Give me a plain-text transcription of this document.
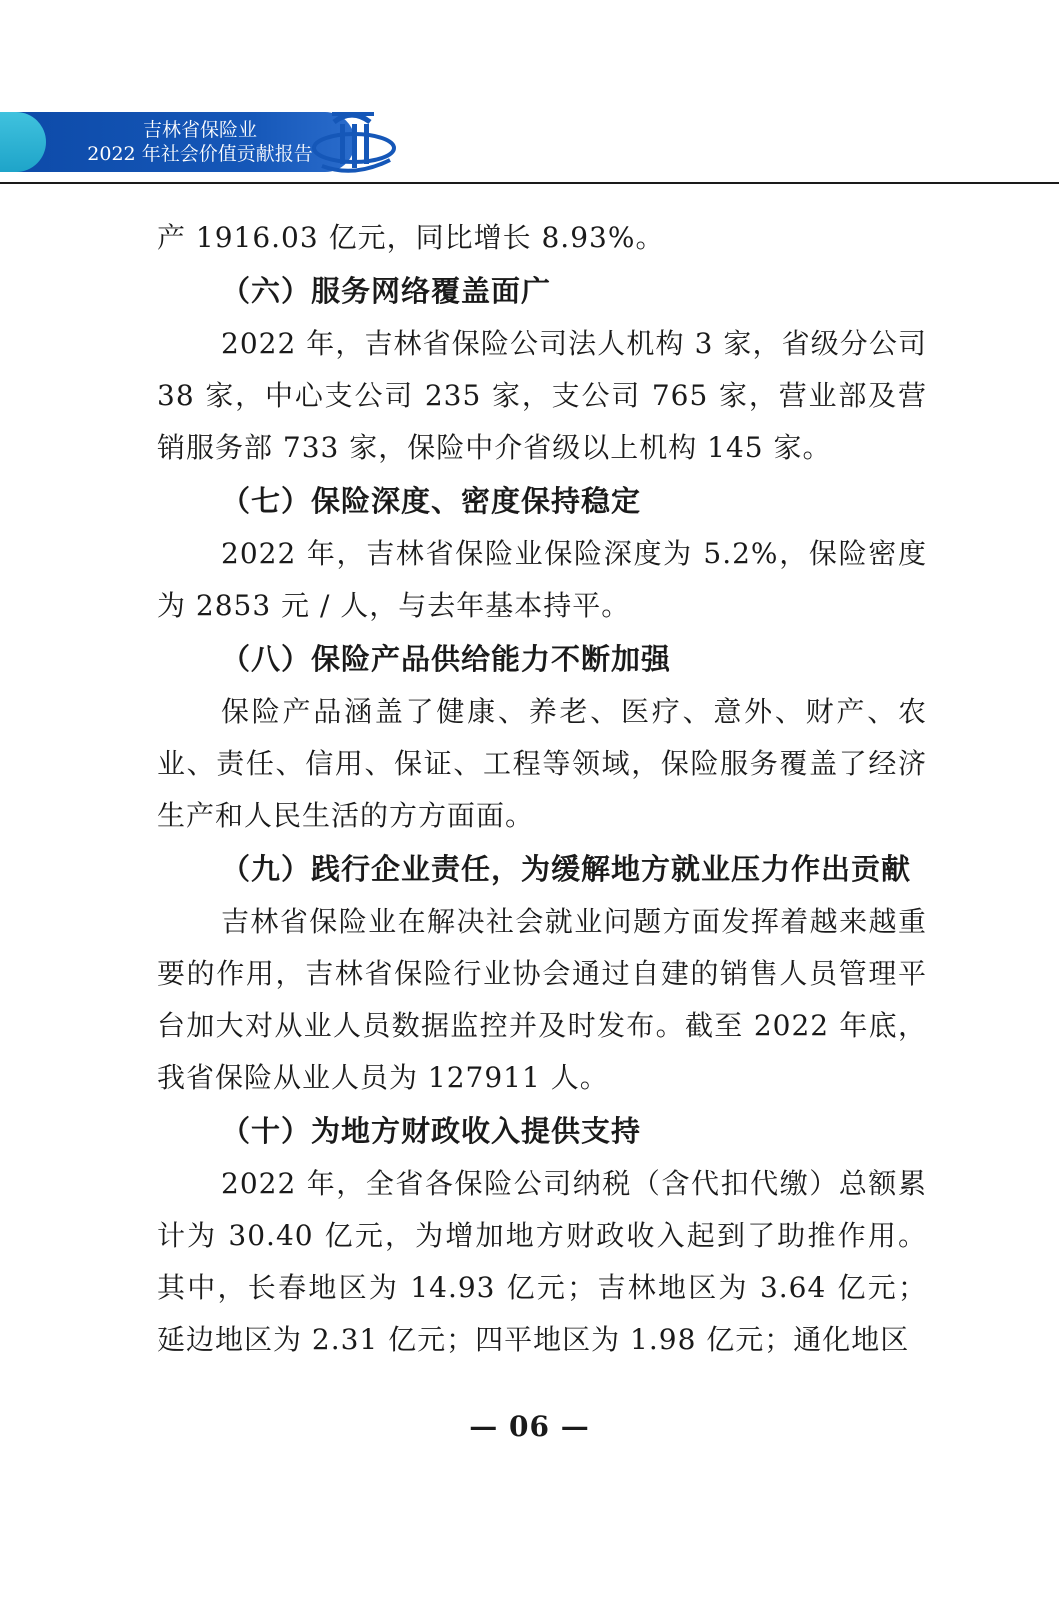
吉林省保险业
2022 年社会价值贡献报告

产 1916.03 亿元，同比增长 8.93%。

（六）服务网络覆盖面广

2022 年，吉林省保险公司法人机构 3 家，省级分公司 38 家，中心支公司 235 家，支公司 765 家，营业部及营销服务部 733 家，保险中介省级以上机构 145 家。

（七）保险深度、密度保持稳定

2022 年，吉林省保险业保险深度为 5.2%，保险密度为 2853 元 / 人，与去年基本持平。

（八）保险产品供给能力不断加强

保险产品涵盖了健康、养老、医疗、意外、财产、农业、责任、信用、保证、工程等领域，保险服务覆盖了经济生产和人民生活的方方面面。

（九）践行企业责任，为缓解地方就业压力作出贡献

吉林省保险业在解决社会就业问题方面发挥着越来越重要的作用，吉林省保险行业协会通过自建的销售人员管理平台加大对从业人员数据监控并及时发布。截至 2022 年底，我省保险从业人员为 127911 人。

（十）为地方财政收入提供支持

2022 年，全省各保险公司纳税（含代扣代缴）总额累计为 30.40 亿元，为增加地方财政收入起到了助推作用。其中，长春地区为 14.93 亿元；吉林地区为 3.64 亿元；延边地区为 2.31 亿元；四平地区为 1.98 亿元；通化地区

— 06 —
